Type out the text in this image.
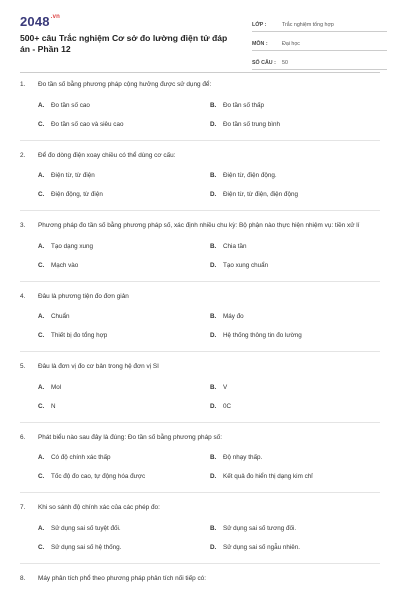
$2048^{.vn}$
500+ câu Trắc nghiệm Cơ sở đo lường điện tử đáp án - Phần 12
LỚP :	Trắc nghiệm tổng hợp
MÔN :	Đại học
SỐ CÂU :	50
1.	Đo tần số bằng phương pháp cộng hưởng được sử dụng để:
A.	Đo tần số cao	B.	Đo tần số thấp
C.	Đo tần số cao và siêu cao	D.	Đo tần số trung bình
2.	Để đo dòng điện xoay chiều có thể dùng cơ cấu:
A.	Điện từ, từ điện	B.	Điện từ, điện động.
C.	Điện động, từ điện	D.	Điện từ, từ điện, điện động
3.	Phương pháp đo tần số bằng phương pháp số, xác định nhiều chu kỳ: Bộ phận nào thực hiện nhiệm vụ: tiền xử lí
A.	Tạo dạng xung	B.	Chia tần
C.	Mạch vào	D.	Tạo xung chuẩn
4.	Đâu là phương tiện đo đơn giản
A.	Chuẩn	B.	Máy đo
C.	Thiết bị đo tổng hợp	D.	Hệ thống thông tin đo lường
5.	Đâu là đơn vị đo cơ bản trong hệ đơn vị SI
A.	Mol	B.	V
C.	N	D.	0C
6.	Phát biểu nào sau đây là đúng: Đo tần số bằng phương pháp số:
A.	Có độ chính xác thấp	B.	Độ nhạy thấp.
C.	Tốc độ đo cao, tự động hóa được	D.	Kết quả đo hiển thị dạng kim chỉ
7.	Khi so sánh độ chính xác của các phép đo:
A.	Sử dụng sai số tuyệt đối.	B.	Sử dụng sai số tương đối.
C.	Sử dụng sai số hệ thống.	D.	Sử dụng sai số ngẫu nhiên.
8.	Máy phân tích phổ theo phương pháp phân tích nối tiếp có:
